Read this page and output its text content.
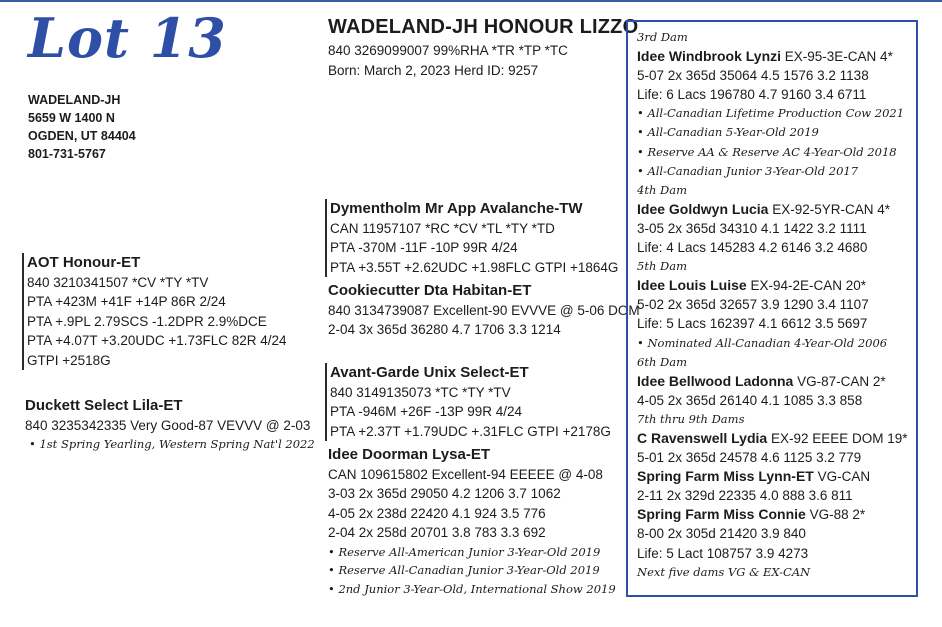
Lot 13
WADELAND-JH
5659 W 1400 N
OGDEN, UT 84404
801-731-5767
WADELAND-JH HONOUR LIZZO
840 3269099007 99%RHA *TR *TP *TC
Born: March 2, 2023 Herd ID: 9257
AOT Honour-ET
840 3210341507 *CV *TY *TV
PTA +423M +41F +14P 86R 2/24
PTA +.9PL 2.79SCS -1.2DPR 2.9%DCE
PTA +4.07T +3.20UDC +1.73FLC 82R 4/24
GTPI +2518G
Duckett Select Lila-ET
840 3235342335 Very Good-87 VEVVV @ 2-03
• 1st Spring Yearling, Western Spring Nat'l 2022
Dymentholm Mr App Avalanche-TW
CAN 11957107 *RC *CV *TL *TY *TD
PTA -370M -11F -10P 99R 4/24
PTA +3.55T +2.62UDC +1.98FLC GTPI +1864G
Cookiecutter Dta Habitan-ET
840 3134739087 Excellent-90 EVVVE @ 5-06 DOM
2-04 3x 365d 36280 4.7 1706 3.3 1214
Avant-Garde Unix Select-ET
840 3149135073 *TC *TY *TV
PTA -946M +26F -13P 99R 4/24
PTA +2.37T +1.79UDC +.31FLC GTPI +2178G
Idee Doorman Lysa-ET
CAN 109615802 Excellent-94 EEEEE @ 4-08
3-03 2x 365d 29050 4.2 1206 3.7 1062
4-05 2x 238d 22420 4.1 924 3.5 776
2-04 2x 258d 20701 3.8 783 3.3 692
• Reserve All-American Junior 3-Year-Old 2019
• Reserve All-Canadian Junior 3-Year-Old 2019
• 2nd Junior 3-Year-Old, International Show 2019
3rd Dam
Idee Windbrook Lynzi EX-95-3E-CAN 4*
5-07 2x 365d 35064 4.5 1576 3.2 1138
Life: 6 Lacs 196780 4.7 9160 3.4 6711
• All-Canadian Lifetime Production Cow 2021
• All-Canadian 5-Year-Old 2019
• Reserve AA & Reserve AC 4-Year-Old 2018
• All-Canadian Junior 3-Year-Old 2017
4th Dam
Idee Goldwyn Lucia EX-92-5YR-CAN 4*
3-05 2x 365d 34310 4.1 1422 3.2 1111
Life: 4 Lacs 145283 4.2 6146 3.2 4680
5th Dam
Idee Louis Luise EX-94-2E-CAN 20*
5-02 2x 365d 32657 3.9 1290 3.4 1107
Life: 5 Lacs 162397 4.1 6612 3.5 5697
• Nominated All-Canadian 4-Year-Old 2006
6th Dam
Idee Bellwood Ladonna VG-87-CAN 2*
4-05 2x 365d 26140 4.1 1085 3.3 858
7th thru 9th Dams
C Ravenswell Lydia EX-92 EEEE DOM 19*
5-01 2x 365d 24578 4.6 1125 3.2 779
Spring Farm Miss Lynn-ET VG-CAN
2-11 2x 329d 22335 4.0 888 3.6 811
Spring Farm Miss Connie VG-88 2*
8-00 2x 305d 21420 3.9 840
Life: 5 Lact 108757 3.9 4273
Next five dams VG & EX-CAN
